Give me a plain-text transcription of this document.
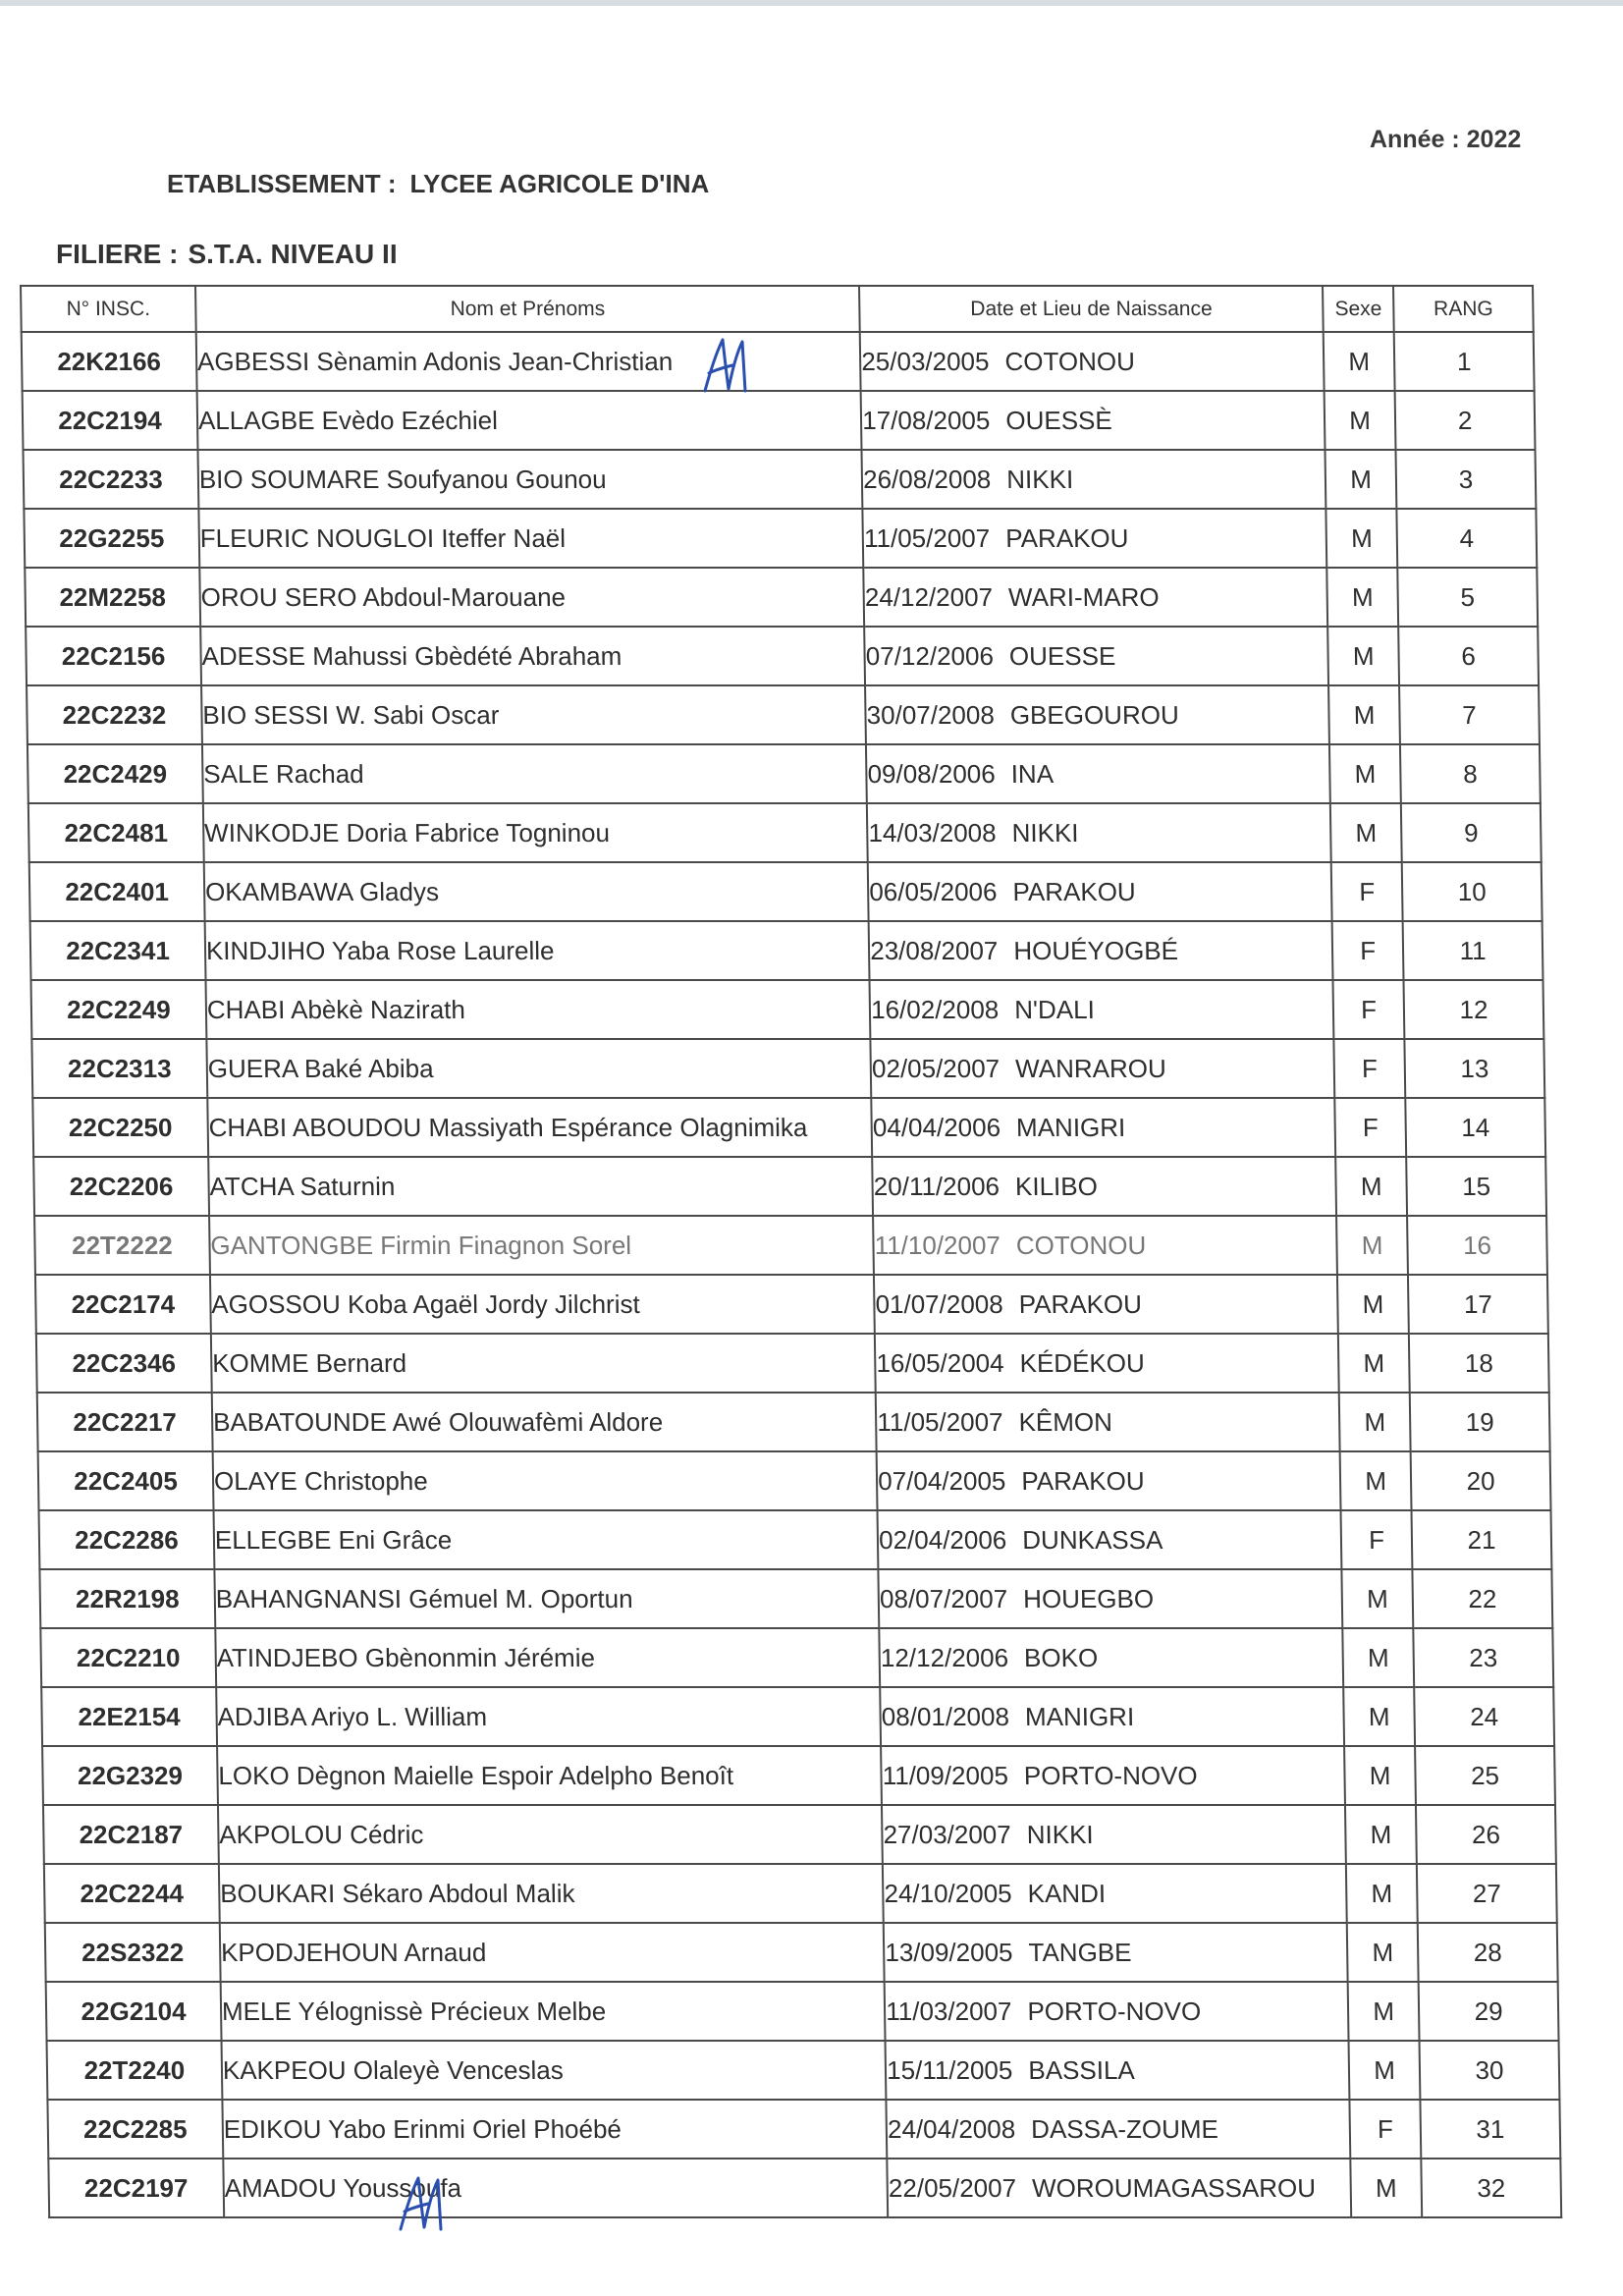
Année : 2022
ETABLISSEMENT : LYCEE AGRICOLE D'INA
FILIERE : S.T.A. NIVEAU II
N° INSC.	Nom et Prénoms	Date et Lieu de Naissance	Sexe	RANG
22K2166	AGBESSI Sènamin Adonis Jean-Christian	25/03/2005 COTONOU	M	1
22C2194	ALLAGBE Evèdo Ezéchiel	17/08/2005 OUESSÈ	M	2
22C2233	BIO SOUMARE Soufyanou Gounou	26/08/2008 NIKKI	M	3
22G2255	FLEURIC NOUGLOI Iteffer Naël	11/05/2007 PARAKOU	M	4
22M2258	OROU SERO Abdoul-Marouane	24/12/2007 WARI-MARO	M	5
22C2156	ADESSE Mahussi Gbèdété Abraham	07/12/2006 OUESSE	M	6
22C2232	BIO SESSI W. Sabi Oscar	30/07/2008 GBEGOUROU	M	7
22C2429	SALE Rachad	09/08/2006 INA	M	8
22C2481	WINKODJE Doria Fabrice Togninou	14/03/2008 NIKKI	M	9
22C2401	OKAMBAWA Gladys	06/05/2006 PARAKOU	F	10
22C2341	KINDJIHO Yaba Rose Laurelle	23/08/2007 HOUÉYOGBÉ	F	11
22C2249	CHABI Abèkè Nazirath	16/02/2008 N'DALI	F	12
22C2313	GUERA Baké Abiba	02/05/2007 WANRAROU	F	13
22C2250	CHABI ABOUDOU Massiyath Espérance Olagnimika	04/04/2006 MANIGRI	F	14
22C2206	ATCHA Saturnin	20/11/2006 KILIBO	M	15
22T2222	GANTONGBE Firmin Finagnon Sorel	11/10/2007 COTONOU	M	16
22C2174	AGOSSOU Koba Agaël Jordy Jilchrist	01/07/2008 PARAKOU	M	17
22C2346	KOMME Bernard	16/05/2004 KÉDÉKOU	M	18
22C2217	BABATOUNDE Awé Olouwafèmi Aldore	11/05/2007 KÊMON	M	19
22C2405	OLAYE Christophe	07/04/2005 PARAKOU	M	20
22C2286	ELLEGBE Eni Grâce	02/04/2006 DUNKASSA	F	21
22R2198	BAHANGNANSI Gémuel M. Oportun	08/07/2007 HOUEGBO	M	22
22C2210	ATINDJEBO Gbènonmin Jérémie	12/12/2006 BOKO	M	23
22E2154	ADJIBA Ariyo L. William	08/01/2008 MANIGRI	M	24
22G2329	LOKO Dègnon Maielle Espoir Adelpho Benoît	11/09/2005 PORTO-NOVO	M	25
22C2187	AKPOLOU Cédric	27/03/2007 NIKKI	M	26
22C2244	BOUKARI Sékaro Abdoul Malik	24/10/2005 KANDI	M	27
22S2322	KPODJEHOUN Arnaud	13/09/2005 TANGBE	M	28
22G2104	MELE Yélognissè Précieux Melbe	11/03/2007 PORTO-NOVO	M	29
22T2240	KAKPEOU Olaleyè Venceslas	15/11/2005 BASSILA	M	30
22C2285	EDIKOU Yabo Erinmi Oriel Phoébé	24/04/2008 DASSA-ZOUME	F	31
22C2197	AMADOU Youssoufa	22/05/2007 WOROUMAGASSAROU	M	32
